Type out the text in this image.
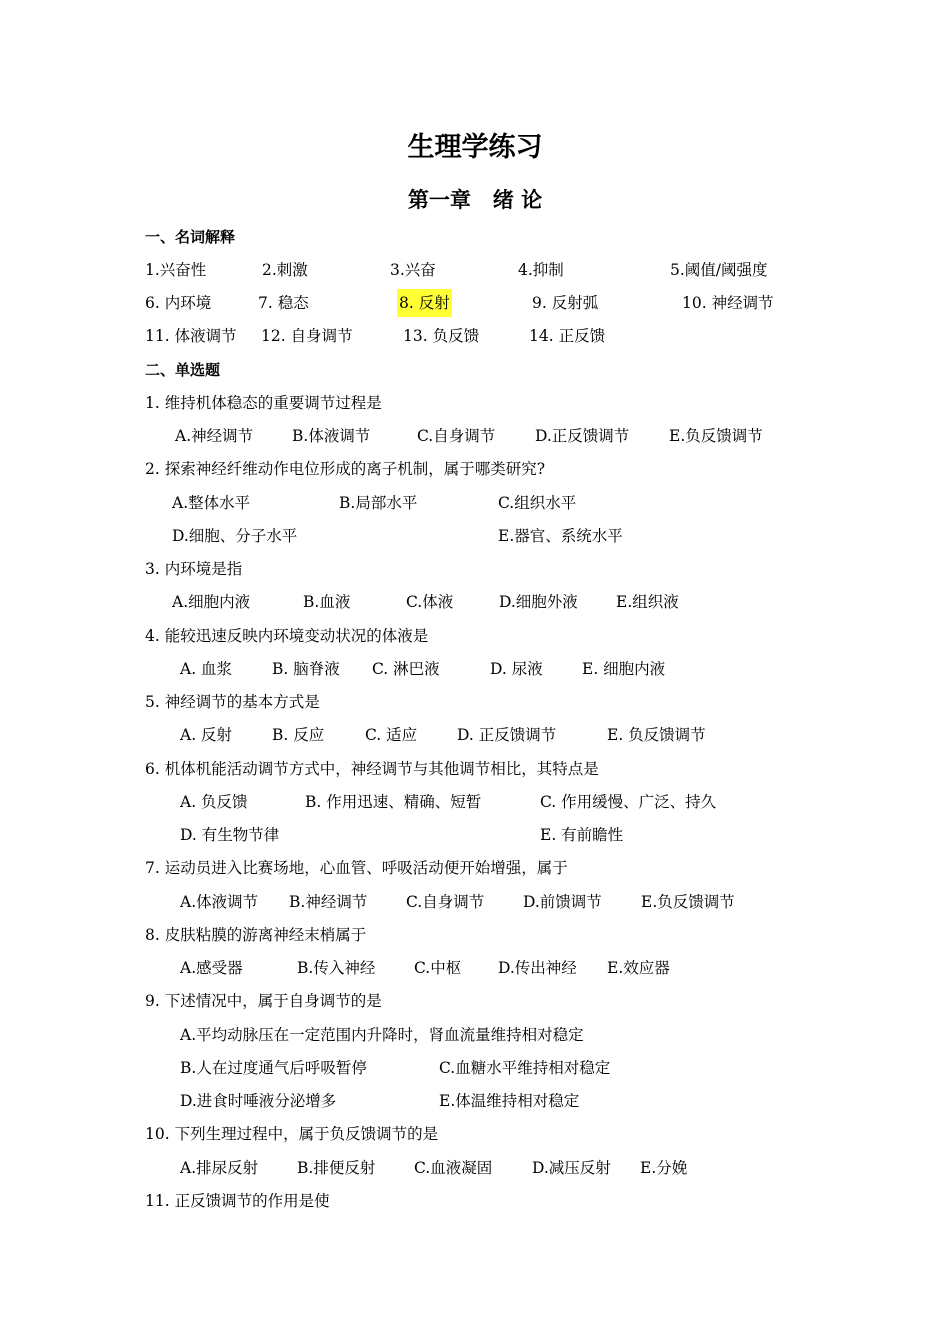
生理学练习
第一章   绪 论
一、名词解释
1.兴奋性	2.刺激	3.兴奋	4.抑制	5.阈值/阈强度
6. 内环境	7. 稳态	8. 反射	9. 反射弧	10. 神经调节
11. 体液调节 12. 自身调节	13. 负反馈	14. 正反馈
二、单选题
1. 维持机体稳态的重要调节过程是
A.神经调节	B.体液调节	C.自身调节	D.正反馈调节	E.负反馈调节
2. 探索神经纤维动作电位形成的离子机制，属于哪类研究?
A.整体水平	B.局部水平	C.组织水平
D.细胞、分子水平	E.器官、系统水平
3. 内环境是指
A.细胞内液	B.血液	C.体液	D.细胞外液 E.组织液
4. 能较迅速反映内环境变动状况的体液是
A. 血浆	B. 脑脊液 C. 淋巴液	D. 尿液	E. 细胞内液
5. 神经调节的基本方式是
A. 反射	B. 反应	C. 适应	D. 正反馈调节	E. 负反馈调节
6. 机体机能活动调节方式中，神经调节与其他调节相比，其特点是
A. 负反馈	B. 作用迅速、精确、短暂	C. 作用缓慢、广泛、持久
D. 有生物节律	E. 有前瞻性
7. 运动员进入比赛场地，心血管、呼吸活动便开始增强，属于
A.体液调节 B.神经调节 C.自身调节	D.前馈调节	E.负反馈调节
8. 皮肤粘膜的游离神经末梢属于
A.感受器	B.传入神经 C.中枢 D.传出神经 E.效应器
9. 下述情况中，属于自身调节的是
A.平均动脉压在一定范围内升降时，肾血流量维持相对稳定
B.人在过度通气后呼吸暂停	C.血糖水平维持相对稳定
D.进食时唾液分泌增多	E.体温维持相对稳定
10. 下列生理过程中，属于负反馈调节的是
A.排尿反射	B.排便反射 C.血液凝固	D.减压反射 E.分娩
11. 正反馈调节的作用是使
